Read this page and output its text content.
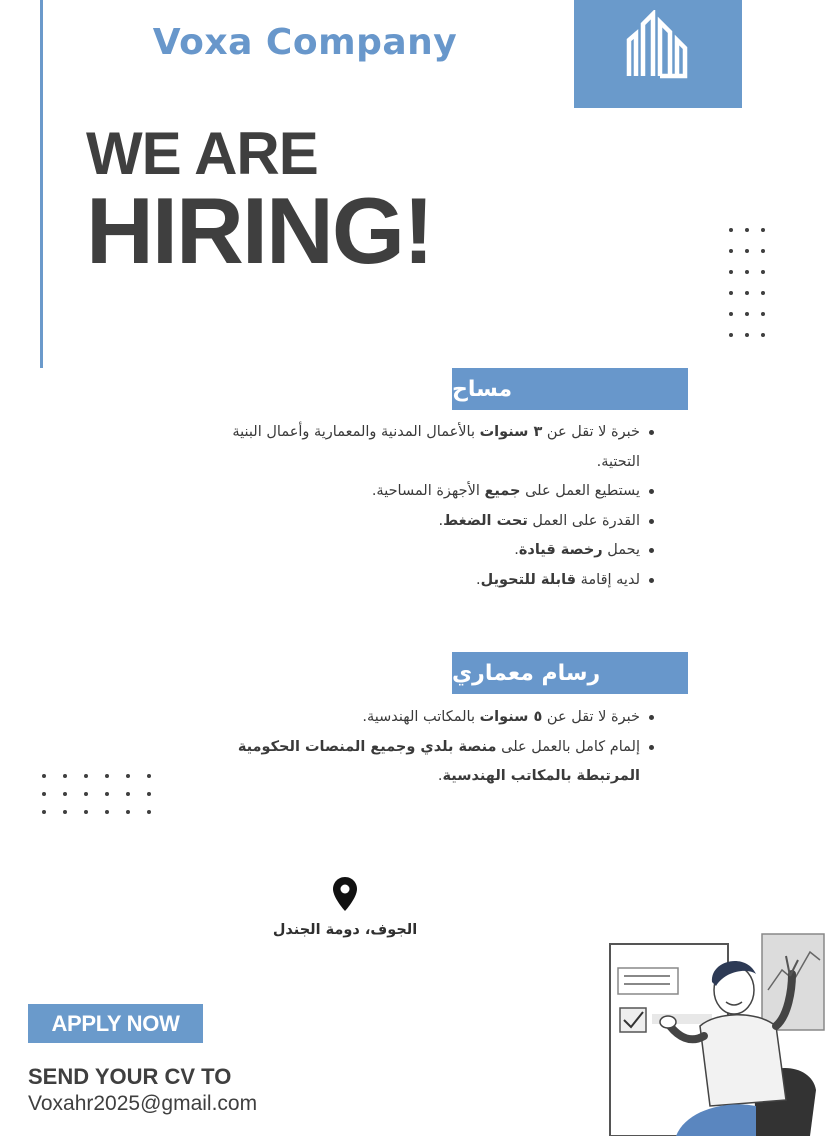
Voxa Company
WE ARE
HIRING!
مساح
خبرة لا تقل عن ٣ سنوات بالأعمال المدنية والمعمارية وأعمال البنية التحتية.
يستطيع العمل على جميع الأجهزة المساحية.
القدرة على العمل تحت الضغط.
يحمل رخصة قيادة.
لديه إقامة قابلة للتحويل.
رسام معماري
خبرة لا تقل عن ٥ سنوات بالمكاتب الهندسية.
إلمام كامل بالعمل على منصة بلدي وجميع المنصات الحكومية المرتبطة بالمكاتب الهندسية.
الجوف، دومة الجندل
APPLY NOW
SEND YOUR CV TO
Voxahr2025@gmail.com
